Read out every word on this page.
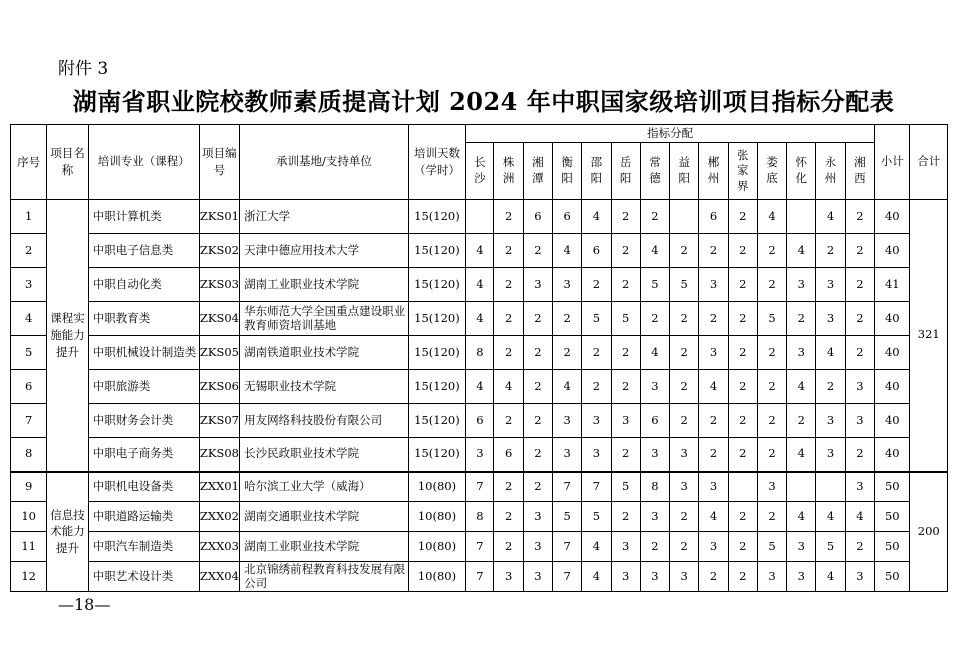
附件 3
湖南省职业院校教师素质提高计划 2024 年中职国家级培训项目指标分配表
序号	项目名称	培训专业（课程）	项目编号	承训基地/支持单位	培训天数（学时）	指标分配														小计	合计
						长沙	株洲	湘潭	衡阳	邵阳	岳阳	常德	益阳	郴州	张家界	娄底	怀化	永州	湘西		
1	课程实施能力提升	中职计算机类	ZKS01	浙江大学	15(120)		2	6	6	4	2	2		6	2	4		4	2	40	321
2		中职电子信息类	ZKS02	天津中德应用技术大学	15(120)	4	2	2	4	6	2	4	2	2	2	2	4	2	2	40	
3		中职自动化类	ZKS03	湖南工业职业技术学院	15(120)	4	2	3	3	2	2	5	5	3	2	2	3	3	2	41	
4		中职教育类	ZKS04	华东师范大学全国重点建设职业教育师资培训基地	15(120)	4	2	2	2	5	5	2	2	2	2	5	2	3	2	40	
5		中职机械设计制造类	ZKS05	湖南铁道职业技术学院	15(120)	8	2	2	2	2	2	4	2	3	2	2	3	4	2	40	
6		中职旅游类	ZKS06	无锡职业技术学院	15(120)	4	4	2	4	2	2	3	2	4	2	2	4	2	3	40	
7		中职财务会计类	ZKS07	用友网络科技股份有限公司	15(120)	6	2	2	3	3	3	6	2	2	2	2	2	3	3	40	
8		中职电子商务类	ZKS08	长沙民政职业技术学院	15(120)	3	6	2	3	3	2	3	3	2	2	2	4	3	2	40	
9	信息技术能力提升	中职机电设备类	ZXX01	哈尔滨工业大学（威海）	10(80)	7	2	2	7	7	5	8	3	3		3			3	50	200
10		中职道路运输类	ZXX02	湖南交通职业技术学院	10(80)	8	2	3	5	5	2	3	2	4	2	2	4	4	4	50	
11		中职汽车制造类	ZXX03	湖南工业职业技术学院	10(80)	7	2	3	7	4	3	2	2	3	2	5	3	5	2	50	
12		中职艺术设计类	ZXX04	北京锦绣前程教育科技发展有限公司	10(80)	7	3	3	7	4	3	3	3	2	2	3	3	4	3	50	
—18—
